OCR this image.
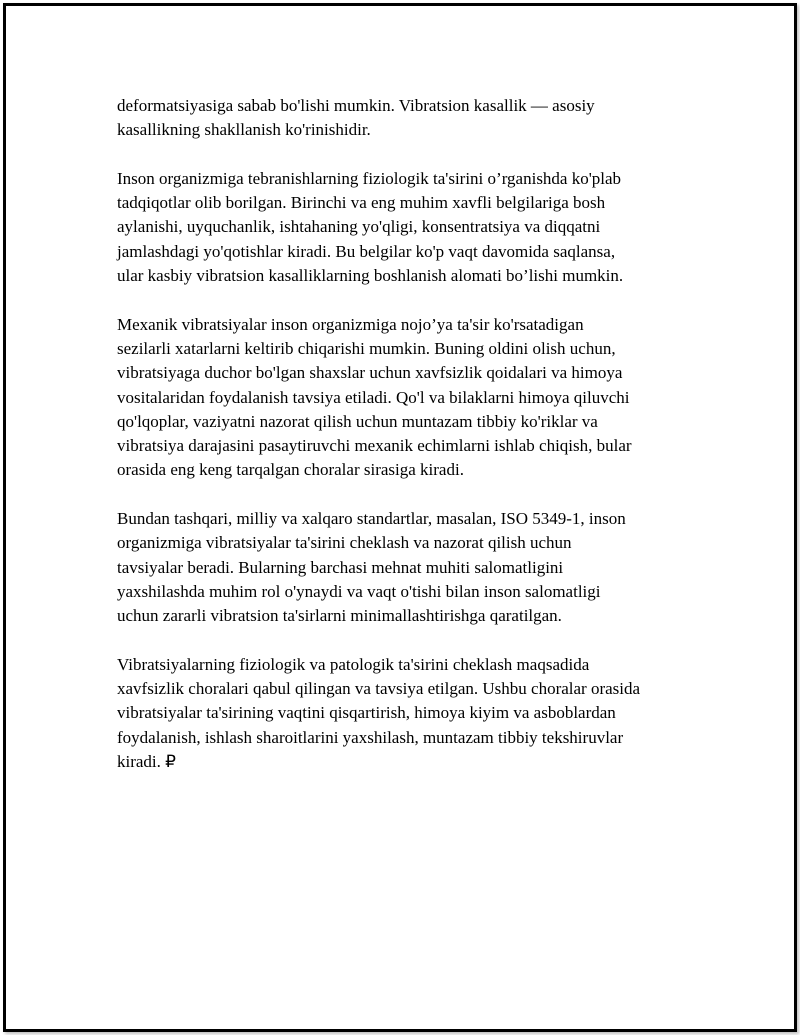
deformatsiyasiga sabab bo'lishi mumkin. Vibratsion kasallik — asosiy
kasallikning shakllanish ko'rinishidir.

Inson organizmiga tebranishlarning fiziologik ta'sirini o’rganishda ko'plab
tadqiqotlar olib borilgan. Birinchi va eng muhim xavfli belgilariga bosh
aylanishi, uyquchanlik, ishtahaning yo'qligi, konsentratsiya va diqqatni
jamlashdagi yo'qotishlar kiradi. Bu belgilar ko'p vaqt davomida saqlansa,
ular kasbiy vibratsion kasalliklarning boshlanish alomati bo’lishi mumkin.

Mexanik vibratsiyalar inson organizmiga nojo’ya ta'sir ko'rsatadigan
sezilarli xatarlarni keltirib chiqarishi mumkin. Buning oldini olish uchun,
vibratsiyaga duchor bo'lgan shaxslar uchun xavfsizlik qoidalari va himoya
vositalaridan foydalanish tavsiya etiladi. Qo'l va bilaklarni himoya qiluvchi
qo'lqoplar, vaziyatni nazorat qilish uchun muntazam tibbiy ko'riklar va
vibratsiya darajasini pasaytiruvchi mexanik echimlarni ishlab chiqish, bular
orasida eng keng tarqalgan choralar sirasiga kiradi.

Bundan tashqari, milliy va xalqaro standartlar, masalan, ISO 5349-1, inson
organizmiga vibratsiyalar ta'sirini cheklash va nazorat qilish uchun
tavsiyalar beradi. Bularning barchasi mehnat muhiti salomatligini
yaxshilashda muhim rol o'ynaydi va vaqt o'tishi bilan inson salomatligi
uchun zararli vibratsion ta'sirlarni minimallashtirishga qaratilgan.

Vibratsiyalarning fiziologik va patologik ta'sirini cheklash maqsadida
xavfsizlik choralari qabul qilingan va tavsiya etilgan. Ushbu choralar orasida
vibratsiyalar ta'sirining vaqtini qisqartirish, himoya kiyim va asboblardan
foydalanish, ishlash sharoitlarini yaxshilash, muntazam tibbiy tekshiruvlar
kiradi. ₽
